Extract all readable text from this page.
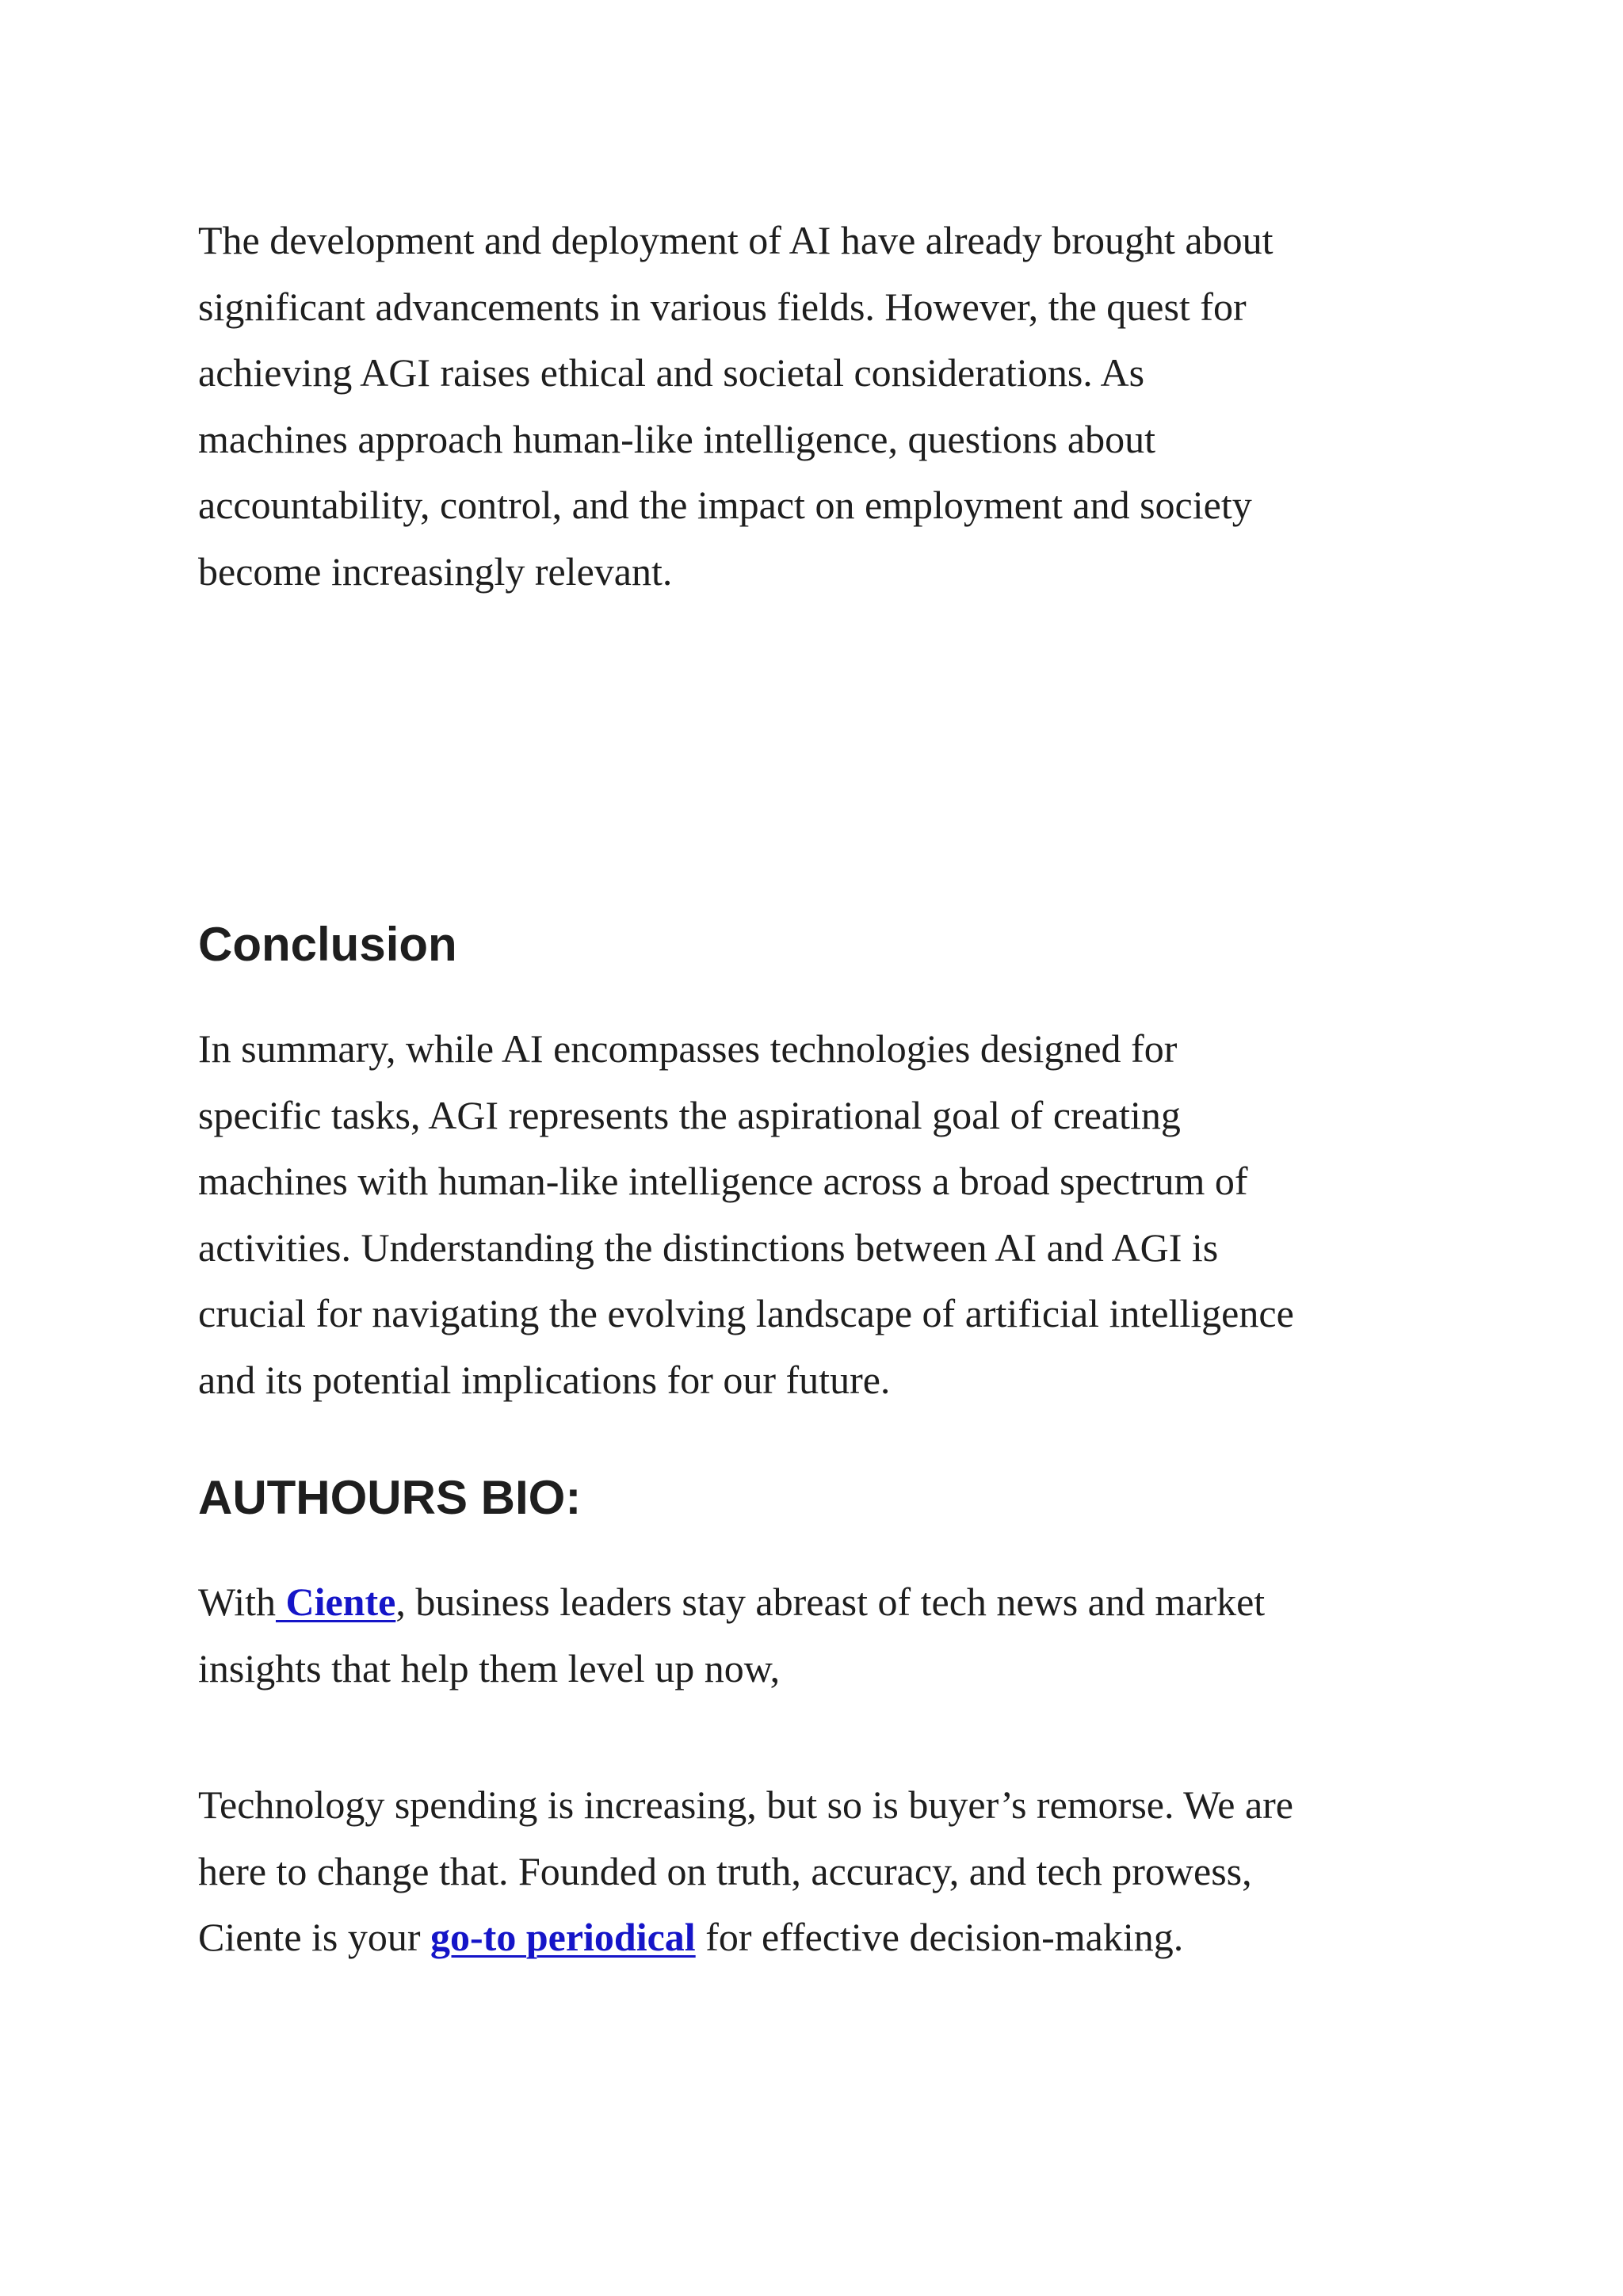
The development and deployment of AI have already brought about
significant advancements in various fields. However, the quest for
achieving AGI raises ethical and societal considerations. As
machines approach human-like intelligence, questions about
accountability, control, and the impact on employment and society
become increasingly relevant.

Conclusion

In summary, while AI encompasses technologies designed for
specific tasks, AGI represents the aspirational goal of creating
machines with human-like intelligence across a broad spectrum of
activities. Understanding the distinctions between AI and AGI is
crucial for navigating the evolving landscape of artificial intelligence
and its potential implications for our future.

AUTHOURS BIO:

With Ciente, business leaders stay abreast of tech news and market
insights that help them level up now,

Technology spending is increasing, but so is buyer’s remorse. We are
here to change that. Founded on truth, accuracy, and tech prowess,
Ciente is your go-to periodical for effective decision-making.
